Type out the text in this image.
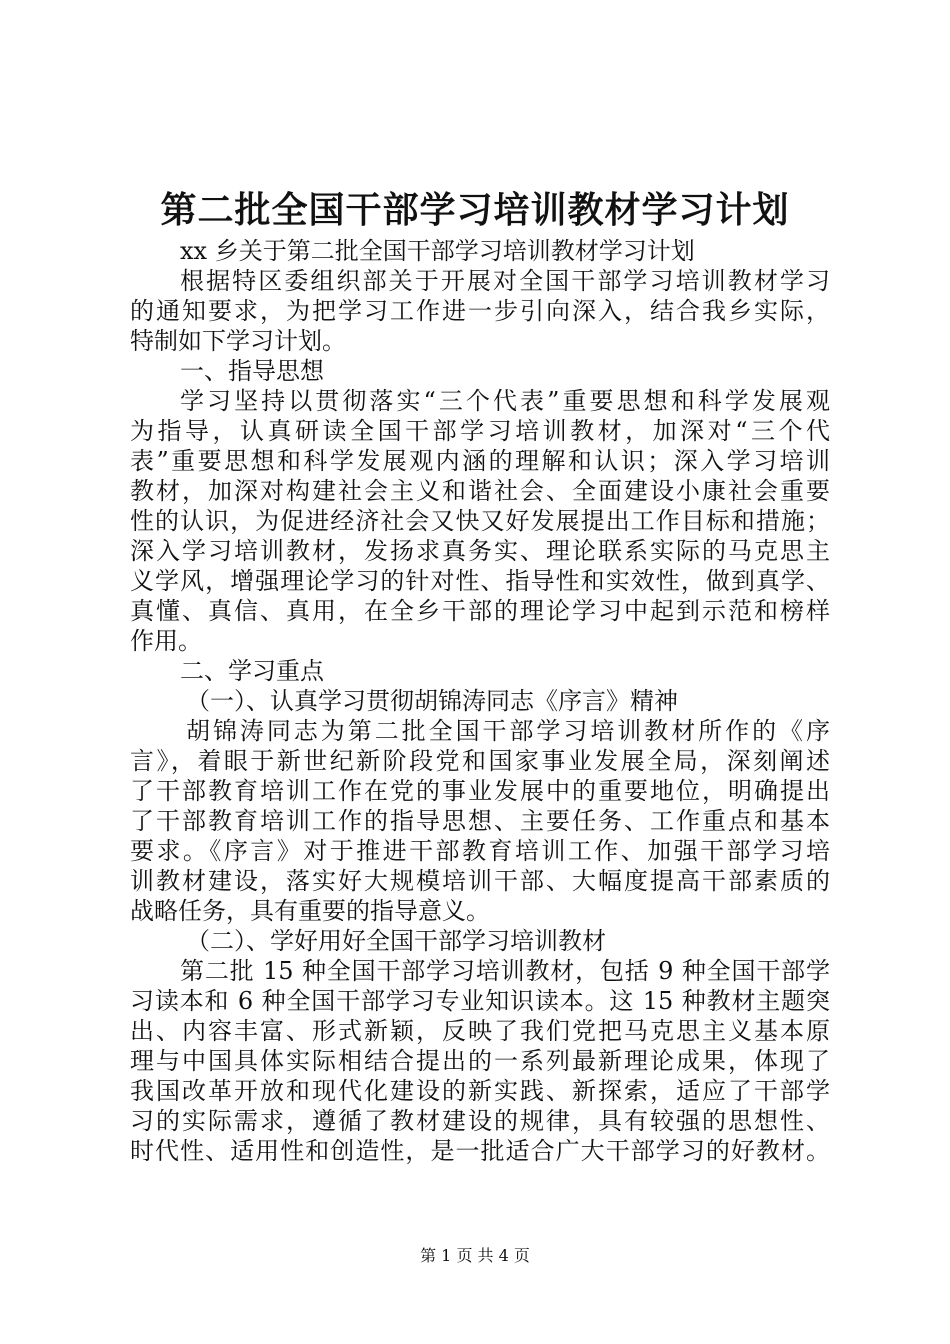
第二批全国干部学习培训教材学习计划
xx 乡关于第二批全国干部学习培训教材学习计划
根据特区委组织部关于开展对全国干部学习培训教材学习
的通知要求，为把学习工作进一步引向深入，结合我乡实际，
特制如下学习计划。
一、指导思想
学习坚持以贯彻落实“三个代表”重要思想和科学发展观
为指导，认真研读全国干部学习培训教材，加深对“三个代
表”重要思想和科学发展观内涵的理解和认识；深入学习培训
教材，加深对构建社会主义和谐社会、全面建设小康社会重要
性的认识，为促进经济社会又快又好发展提出工作目标和措施；
深入学习培训教材，发扬求真务实、理论联系实际的马克思主
义学风，增强理论学习的针对性、指导性和实效性，做到真学、
真懂、真信、真用，在全乡干部的理论学习中起到示范和榜样
作用。
二、学习重点
（一）、认真学习贯彻胡锦涛同志《序言》精神
胡锦涛同志为第二批全国干部学习培训教材所作的《序
言》，着眼于新世纪新阶段党和国家事业发展全局，深刻阐述
了干部教育培训工作在党的事业发展中的重要地位，明确提出
了干部教育培训工作的指导思想、主要任务、工作重点和基本
要求。《序言》对于推进干部教育培训工作、加强干部学习培
训教材建设，落实好大规模培训干部、大幅度提高干部素质的
战略任务，具有重要的指导意义。
（二）、学好用好全国干部学习培训教材
第二批 15 种全国干部学习培训教材，包括 9 种全国干部学
习读本和 6 种全国干部学习专业知识读本。这 15 种教材主题突
出、内容丰富、形式新颖，反映了我们党把马克思主义基本原
理与中国具体实际相结合提出的一系列最新理论成果，体现了
我国改革开放和现代化建设的新实践、新探索，适应了干部学
习的实际需求，遵循了教材建设的规律，具有较强的思想性、
时代性、适用性和创造性，是一批适合广大干部学习的好教材。
第 1 页 共 4 页
